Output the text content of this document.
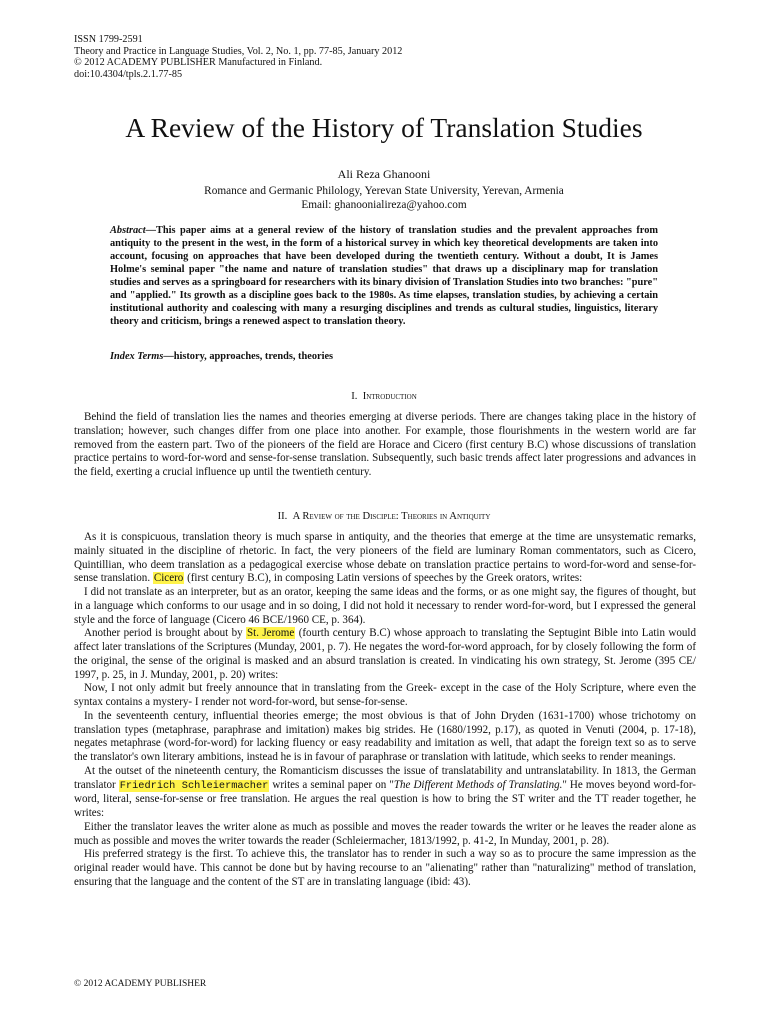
ISSN 1799-2591
Theory and Practice in Language Studies, Vol. 2, No. 1, pp. 77-85, January 2012
© 2012 ACADEMY PUBLISHER Manufactured in Finland.
doi:10.4304/tpls.2.1.77-85
A Review of the History of Translation Studies
Ali Reza Ghanooni
Romance and Germanic Philology, Yerevan State University, Yerevan, Armenia
Email: ghanoonialireza@yahoo.com

Abstract—This paper aims at a general review of the history of translation studies and the prevalent approaches from antiquity to the present in the west, in the form of a historical survey in which key theoretical developments are taken into account, focusing on approaches that have been developed during the twentieth century. Without a doubt, It is James Holme's seminal paper "the name and nature of translation studies" that draws up a disciplinary map for translation studies and serves as a springboard for researchers with its binary division of Translation Studies into two branches: "pure" and "applied." Its growth as a discipline goes back to the 1980s. As time elapses, translation studies, by achieving a certain institutional authority and coalescing with many a resurging disciplines and trends as cultural studies, linguistics, literary theory and criticism, brings a renewed aspect to translation theory.

Index Terms—history, approaches, trends, theories

I. Introduction

Behind the field of translation lies the names and theories emerging at diverse periods. There are changes taking place in the history of translation; however, such changes differ from one place into another. For example, those flourishments in the western world are far removed from the eastern part. Two of the pioneers of the field are Horace and Cicero (first century B.C) whose discussions of translation practice pertains to word-for-word and sense-for-sense translation. Subsequently, such basic trends affect later progressions and advances in the field, exerting a crucial influence up until the twentieth century.

II. A Review of the Disciple: Theories in Antiquity

As it is conspicuous, translation theory is much sparse in antiquity, and the theories that emerge at the time are unsystematic remarks, mainly situated in the discipline of rhetoric. In fact, the very pioneers of the field are luminary Roman commentators, such as Cicero, Quintillian, who deem translation as a pedagogical exercise whose debate on translation practice pertains to word-for-word and sense-for-sense translation. Cicero (first century B.C), in composing Latin versions of speeches by the Greek orators, writes:

I did not translate as an interpreter, but as an orator, keeping the same ideas and the forms, or as one might say, the figures of thought, but in a language which conforms to our usage and in so doing, I did not hold it necessary to render word-for-word, but I expressed the general style and the force of language (Cicero 46 BCE/1960 CE, p. 364).

Another period is brought about by St. Jerome (fourth century B.C) whose approach to translating the Septugint Bible into Latin would affect later translations of the Scriptures (Munday, 2001, p. 7). He negates the word-for-word approach, for by closely following the form of the original, the sense of the original is masked and an absurd translation is created. In vindicating his own strategy, St. Jerome (395 CE/ 1997, p. 25, in J. Munday, 2001, p. 20) writes:

Now, I not only admit but freely announce that in translating from the Greek- except in the case of the Holy Scripture, where even the syntax contains a mystery- I render not word-for-word, but sense-for-sense.

In the seventeenth century, influential theories emerge; the most obvious is that of John Dryden (1631-1700) whose trichotomy on translation types (metaphrase, paraphrase and imitation) makes big strides. He (1680/1992, p.17), as quoted in Venuti (2004, p. 17-18), negates metaphrase (word-for-word) for lacking fluency or easy readability and imitation as well, that adapt the foreign text so as to serve the translator's own literary ambitions, instead he is in favour of paraphrase or translation with latitude, which seeks to render meanings.

At the outset of the nineteenth century, the Romanticism discusses the issue of translatability and untranslatability. In 1813, the German translator Friedrich Schleiermacher writes a seminal paper on "The Different Methods of Translating." He moves beyond word-for-word, literal, sense-for-sense or free translation. He argues the real question is how to bring the ST writer and the TT reader together, he writes:

Either the translator leaves the writer alone as much as possible and moves the reader towards the writer or he leaves the reader alone as much as possible and moves the writer towards the reader (Schleiermacher, 1813/1992, p. 41-2, In Munday, 2001, p. 28).

His preferred strategy is the first. To achieve this, the translator has to render in such a way so as to procure the same impression as the original reader would have. This cannot be done but by having recourse to an "alienating" rather than "naturalizing" method of translation, ensuring that the language and the content of the ST are in translating language (ibid: 43).

© 2012 ACADEMY PUBLISHER
